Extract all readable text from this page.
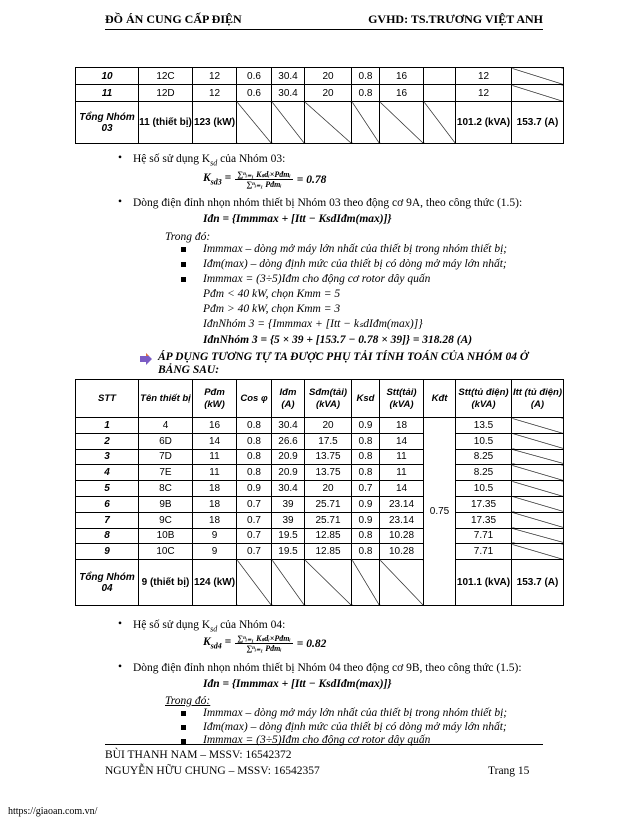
ĐỒ ÁN CUNG CẤP ĐIỆN	GVHD: TS.TRƯƠNG VIỆT ANH
10	12C	12	0.6	30.4	20	0.8	16		12	
11	12D	12	0.6	30.4	20	0.8	16		12	
Tổng Nhóm 03	11 (thiết bị)	123 (kW)							101.2 (kVA)	153.7 (A)
• Hệ số sử dụng $K_{sd}$ của Nhóm 03:
$K_{sd3}$ = ∑ⁿᵢ₌₁ Kₛdᵢ×Pđmᵢ
∑ⁿᵢ₌₁ Pđmᵢ = 0.78
• Dòng điện đỉnh nhọn nhóm thiết bị Nhóm 03 theo động cơ 9A, theo công thức (1.5):
Iđn = {Immmax + [Itt − KsdIđm(max)]}
Trong đó:
Immmax – dòng mở máy lớn nhất của thiết bị trong nhóm thiết bị;
Iđm(max) – dòng định mức của thiết bị có dòng mở máy lớn nhất;
Immmax = (3÷5)Iđm cho động cơ rotor dây quấn
Pđm < 40 kW, chọn Kmm = 5
Pđm > 40 kW, chọn Kmm = 3
IđnNhóm 3 = {Immmax + [Itt − kₛdIđm(max)]}
IđnNhóm 3 = {5 × 39 + [153.7 − 0.78 × 39]} = 318.28 (A)
ÁP DỤNG TƯƠNG TỰ TA ĐƯỢC PHỤ TẢI TÍNH TOÁN CỦA NHÓM 04 Ở BẢNG SAU:
STT	Tên thiết bị	Pđm (kW)	Cos φ	Iđm (A)	Sđm(tải) (kVA)	Ksd	Stt(tải) (kVA)	Kđt	Stt(tủ điện) (kVA)	Itt (tủ điện) (A)
1	4	16	0.8	30.4	20	0.9	18	0.75	13.5	
2	6D	14	0.8	26.6	17.5	0.8	14		10.5	
3	7D	11	0.8	20.9	13.75	0.8	11		8.25	
4	7E	11	0.8	20.9	13.75	0.8	11		8.25	
5	8C	18	0.9	30.4	20	0.7	14		10.5	
6	9B	18	0.7	39	25.71	0.9	23.14		17.35	
7	9C	18	0.7	39	25.71	0.9	23.14		17.35	
8	10B	9	0.7	19.5	12.85	0.8	10.28		7.71	
9	10C	9	0.7	19.5	12.85	0.8	10.28		7.71	
Tổng Nhóm 04	9 (thiết bị)	124 (kW)							101.1 (kVA)	153.7 (A)
• Hệ số sử dụng $K_{sd}$ của Nhóm 04:
$K_{sd4}$ = ∑ⁿᵢ₌₁ Kₛdᵢ×Pđmᵢ
∑ⁿᵢ₌₁ Pđmᵢ = 0.82
• Dòng điện đỉnh nhọn nhóm thiết bị Nhóm 04 theo động cơ 9B, theo công thức (1.5):
Iđn = {Immmax + [Itt − KsdIđm(max)]}
Trong đó:
Immmax – dòng mở máy lớn nhất của thiết bị trong nhóm thiết bị;
Iđm(max) – dòng định mức của thiết bị có dòng mở máy lớn nhất;
Immmax = (3÷5)Iđm cho động cơ rotor dây quấn
BÙI THANH NAM – MSSV: 16542372
NGUYỄN HỮU CHUNG – MSSV: 16542357	Trang 15
https://giaoan.com.vn/
